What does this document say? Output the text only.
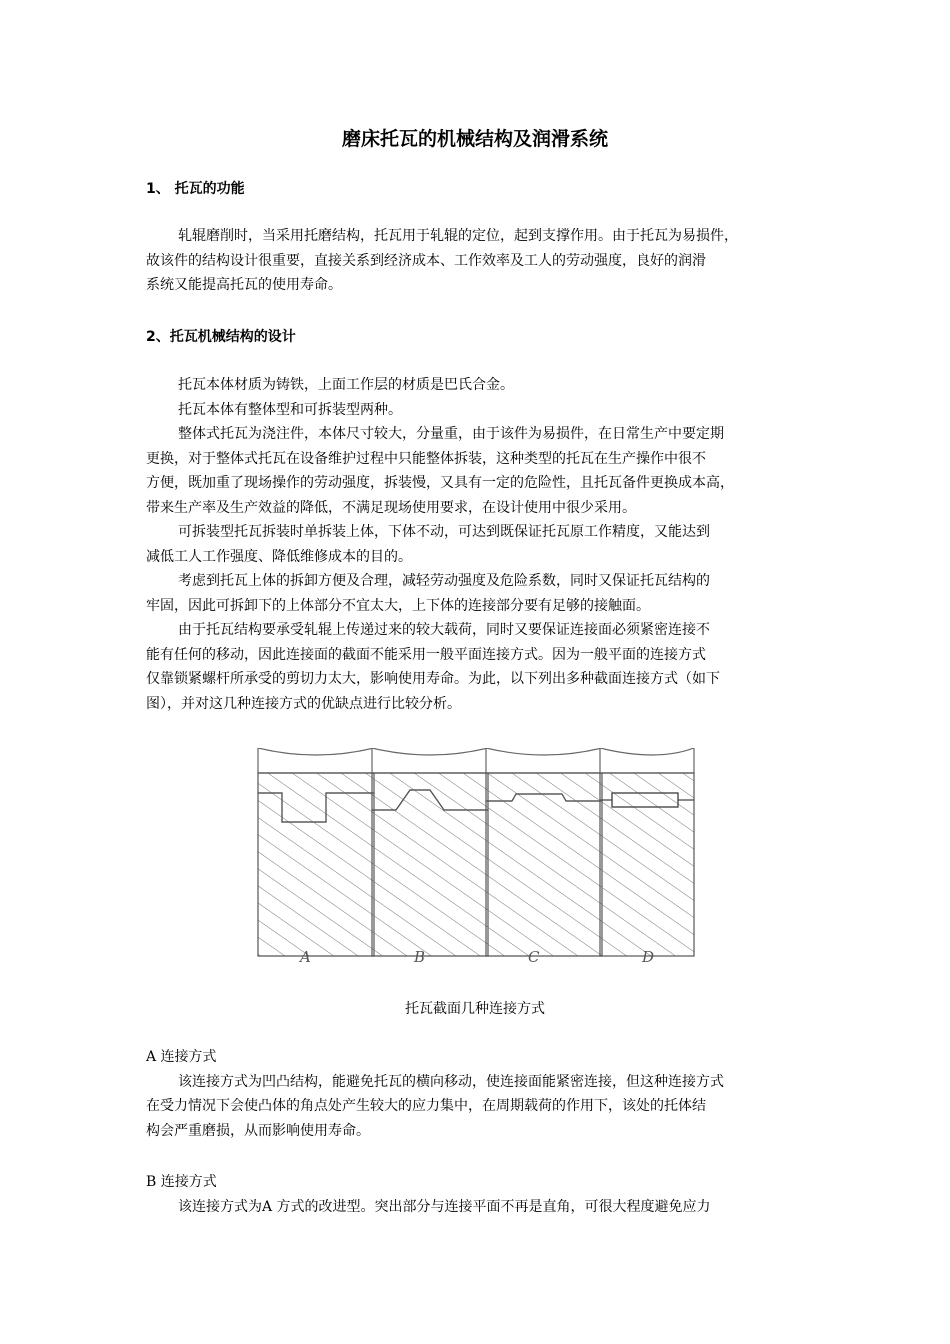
磨床托瓦的机械结构及润滑系统
1、 托瓦的功能
轧辊磨削时，当采用托磨结构，托瓦用于轧辊的定位，起到支撑作用。由于托瓦为易损件，
故该件的结构设计很重要，直接关系到经济成本、工作效率及工人的劳动强度，良好的润滑
系统又能提高托瓦的使用寿命。
2、托瓦机械结构的设计
托瓦本体材质为铸铁，上面工作层的材质是巴氏合金。
托瓦本体有整体型和可拆装型两种。
整体式托瓦为浇注件，本体尺寸较大，分量重，由于该件为易损件，在日常生产中要定期
更换，对于整体式托瓦在设备维护过程中只能整体拆装，这种类型的托瓦在生产操作中很不
方便，既加重了现场操作的劳动强度，拆装慢，又具有一定的危险性，且托瓦备件更换成本高，
带来生产率及生产效益的降低，不满足现场使用要求，在设计使用中很少采用。
可拆装型托瓦拆装时单拆装上体，下体不动，可达到既保证托瓦原工作精度，又能达到
减低工人工作强度、降低维修成本的目的。
考虑到托瓦上体的拆卸方便及合理，减轻劳动强度及危险系数，同时又保证托瓦结构的
牢固，因此可拆卸下的上体部分不宜太大，上下体的连接部分要有足够的接触面。
由于托瓦结构要承受轧辊上传递过来的较大载荷，同时又要保证连接面必须紧密连接不
能有任何的移动，因此连接面的截面不能采用一般平面连接方式。因为一般平面的连接方式
仅靠锁紧螺杆所承受的剪切力太大，影响使用寿命。为此，以下列出多种截面连接方式（如下
图），并对这几种连接方式的优缺点进行比较分析。
A	B	C	D
托瓦截面几种连接方式
A 连接方式
该连接方式为凹凸结构，能避免托瓦的横向移动，使连接面能紧密连接，但这种连接方式
在受力情况下会使凸体的角点处产生较大的应力集中，在周期载荷的作用下，该处的托体结
构会严重磨损，从而影响使用寿命。
B 连接方式
该连接方式为A 方式的改进型。突出部分与连接平面不再是直角，可很大程度避免应力
